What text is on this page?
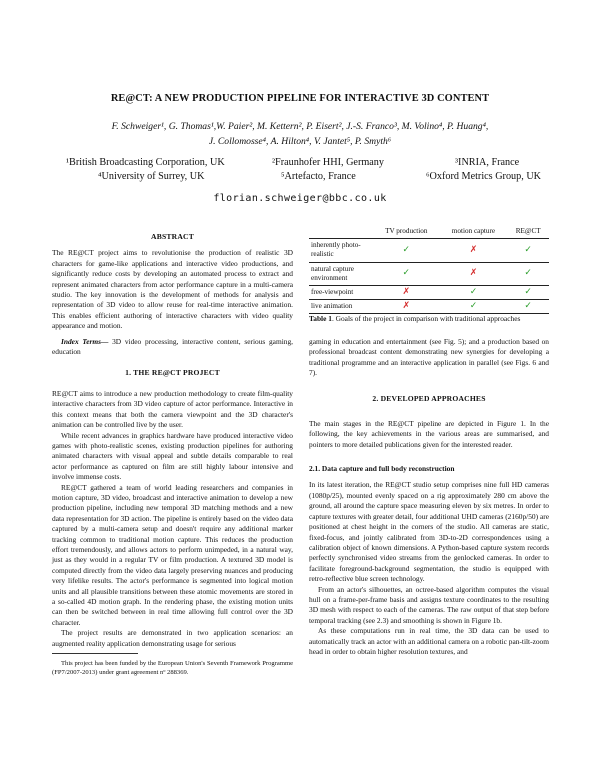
RE@CT: A NEW PRODUCTION PIPELINE FOR INTERACTIVE 3D CONTENT
F. Schweiger¹, G. Thomas¹,W. Paier², M. Kettern², P. Eisert², J.-S. Franco³, M. Volino⁴, P. Huang⁴,
J. Collomosse⁴, A. Hilton⁴, V. Jantet⁵, P. Smyth⁶
¹British Broadcasting Corporation, UK	²Fraunhofer HHI, Germany	³INRIA, France
⁴University of Surrey, UK	⁵Artefacto, France	⁶Oxford Metrics Group, UK
florian.schweiger@bbc.co.uk
ABSTRACT

The RE@CT project aims to revolutionise the production of realistic 3D characters for game-like applications and interactive video productions, and significantly reduce costs by developing an automated process to extract and represent animated characters from actor performance capture in a multi-camera studio. The key innovation is the development of methods for analysis and representation of 3D video to allow reuse for real-time interactive animation. This enables efficient authoring of interactive characters with video quality appearance and motion.

Index Terms— 3D video processing, interactive content, serious gaming, education

1. THE RE@CT PROJECT

RE@CT aims to introduce a new production methodology to create film-quality interactive characters from 3D video capture of actor performance. Interactive in this context means that both the camera viewpoint and the 3D character's animation can be controlled live by the user.

While recent advances in graphics hardware have produced interactive video games with photo-realistic scenes, existing production pipelines for authoring animated characters with visual appeal and subtle details comparable to real actor performance as captured on film are still highly labour intensive and involve immense costs.

RE@CT gathered a team of world leading researchers and companies in motion capture, 3D video, broadcast and interactive animation to develop a new production pipeline, including new temporal 3D matching methods and a new data representation for 3D action. The pipeline is entirely based on the video data captured by a multi-camera setup and doesn't require any additional marker tracking common to traditional motion capture. This reduces the production effort tremendously, and allows actors to perform unimpeded, in a natural way, just as they would in a regular TV or film production. A textured 3D model is computed directly from the video data largely preserving nuances and producing very lifelike results. The actor's performance is segmented into logical motion units and all plausible transitions between these atomic movements are stored in a so-called 4D motion graph. In the rendering phase, the existing motion units can then be switched between in real time allowing full control over the 3D character.

The project results are demonstrated in two application scenarios: an augmented reality application demonstrating usage for serious

This project has been funded by the European Union's Seventh Framework Programme (FP7/2007-2013) under grant agreement nº 288369.

	TV production	motion capture	RE@CT
inherently photo-realistic	✓	✗	✓
natural capture environment	✓	✗	✓
free-viewpoint	✗	✓	✓
live animation	✗	✓	✓

Table 1. Goals of the project in comparison with traditional approaches

gaming in education and entertainment (see Fig. 5); and a production based on professional broadcast content demonstrating new synergies for developing a traditional programme and an interactive application in parallel (see Figs. 6 and 7).

2. DEVELOPED APPROACHES

The main stages in the RE@CT pipeline are depicted in Figure 1. In the following, the key achievements in the various areas are summarised, and pointers to more detailed publications given for the interested reader.

2.1. Data capture and full body reconstruction

In its latest iteration, the RE@CT studio setup comprises nine full HD cameras (1080p/25), mounted evenly spaced on a rig approximately 280 cm above the ground, all around the capture space measuring eleven by six metres. In order to capture textures with greater detail, four additional UHD cameras (2160p/50) are positioned at chest height in the corners of the studio. All cameras are static, fixed-focus, and jointly calibrated from 3D-to-2D correspondences using a calibration object of known dimensions. A Python-based capture system records perfectly synchronised video streams from the genlocked cameras. In order to facilitate foreground-background segmentation, the studio is equipped with retro-reflective blue screen technology.

From an actor's silhouettes, an octree-based algorithm computes the visual hull on a frame-per-frame basis and assigns texture coordinates to the resulting 3D mesh with respect to each of the cameras. The raw output of that step before temporal tracking (see 2.3) and smoothing is shown in Figure 1b.

As these computations run in real time, the 3D data can be used to automatically track an actor with an additional camera on a robotic pan-tilt-zoom head in order to obtain higher resolution textures, and
